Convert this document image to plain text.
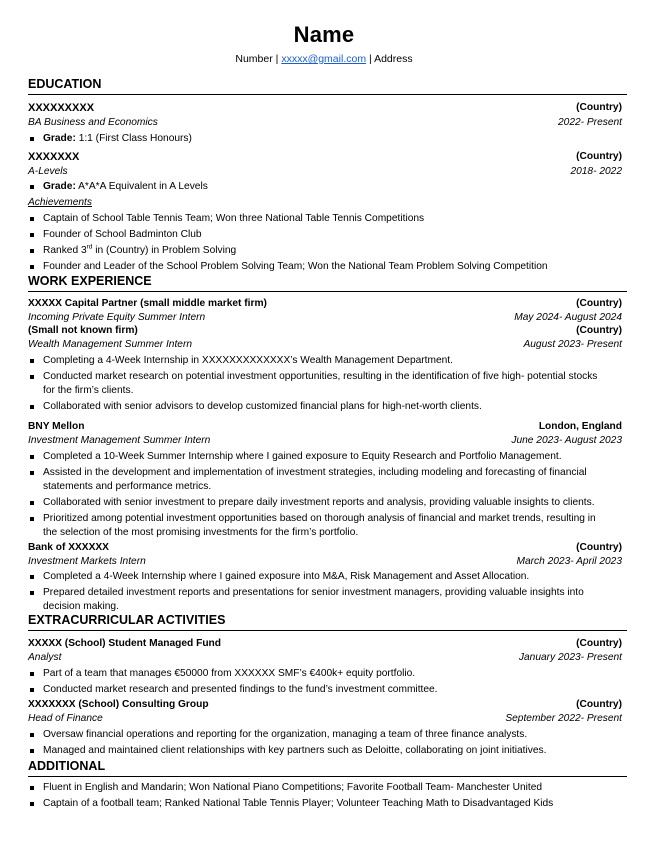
Name
Number | xxxxx@gmail.com | Address
EDUCATION
XXXXXXXXX	(Country)
BA Business and Economics	2022- Present
Grade: 1:1 (First Class Honours)
XXXXXXX	(Country)
A-Levels	2018- 2022
Grade: A*A*A Equivalent in A Levels
Achievements
Captain of School Table Tennis Team; Won three National Table Tennis Competitions
Founder of School Badminton Club
Ranked 3rd in (Country) in Problem Solving
Founder and Leader of the School Problem Solving Team; Won the National Team Problem Solving Competition
WORK EXPERIENCE
XXXXX Capital Partner (small middle market firm)	(Country)
Incoming Private Equity Summer Intern	May 2024- August 2024
(Small not known firm)	(Country)
Wealth Management Summer Intern	August 2023- Present
Completing a 4-Week Internship in XXXXXXXXXXXXX’s Wealth Management Department.
Conducted market research on potential investment opportunities, resulting in the identification of five high- potential stocks
for the firm’s clients.
Collaborated with senior advisors to develop customized financial plans for high-net-worth clients.
BNY Mellon	London, England
Investment Management Summer Intern	June 2023- August 2023
Completed a 10-Week Summer Internship where I gained exposure to Equity Research and Portfolio Management.
Assisted in the development and implementation of investment strategies, including modeling and forecasting of financial
statements and performance metrics.
Collaborated with senior investment to prepare daily investment reports and analysis, providing valuable insights to clients.
Prioritized among potential investment opportunities based on thorough analysis of financial and market trends, resulting in
the selection of the most promising investments for the firm’s portfolio.
Bank of XXXXXX	(Country)
Investment Markets Intern	March 2023- April 2023
Completed a 4-Week Internship where I gained exposure into M&A, Risk Management and Asset Allocation.
Prepared detailed investment reports and presentations for senior investment managers, providing valuable insights into
decision making.
EXTRACURRICULAR ACTIVITIES
XXXXX (School) Student Managed Fund	(Country)
Analyst	January 2023- Present
Part of a team that manages €50000 from XXXXXX SMF’s €400k+ equity portfolio.
Conducted market research and presented findings to the fund’s investment committee.
XXXXXXX (School) Consulting Group	(Country)
Head of Finance	September 2022- Present
Oversaw financial operations and reporting for the organization, managing a team of three finance analysts.
Managed and maintained client relationships with key partners such as Deloitte, collaborating on joint initiatives.
ADDITIONAL
Fluent in English and Mandarin; Won National Piano Competitions; Favorite Football Team- Manchester United
Captain of a football team; Ranked National Table Tennis Player; Volunteer Teaching Math to Disadvantaged Kids
